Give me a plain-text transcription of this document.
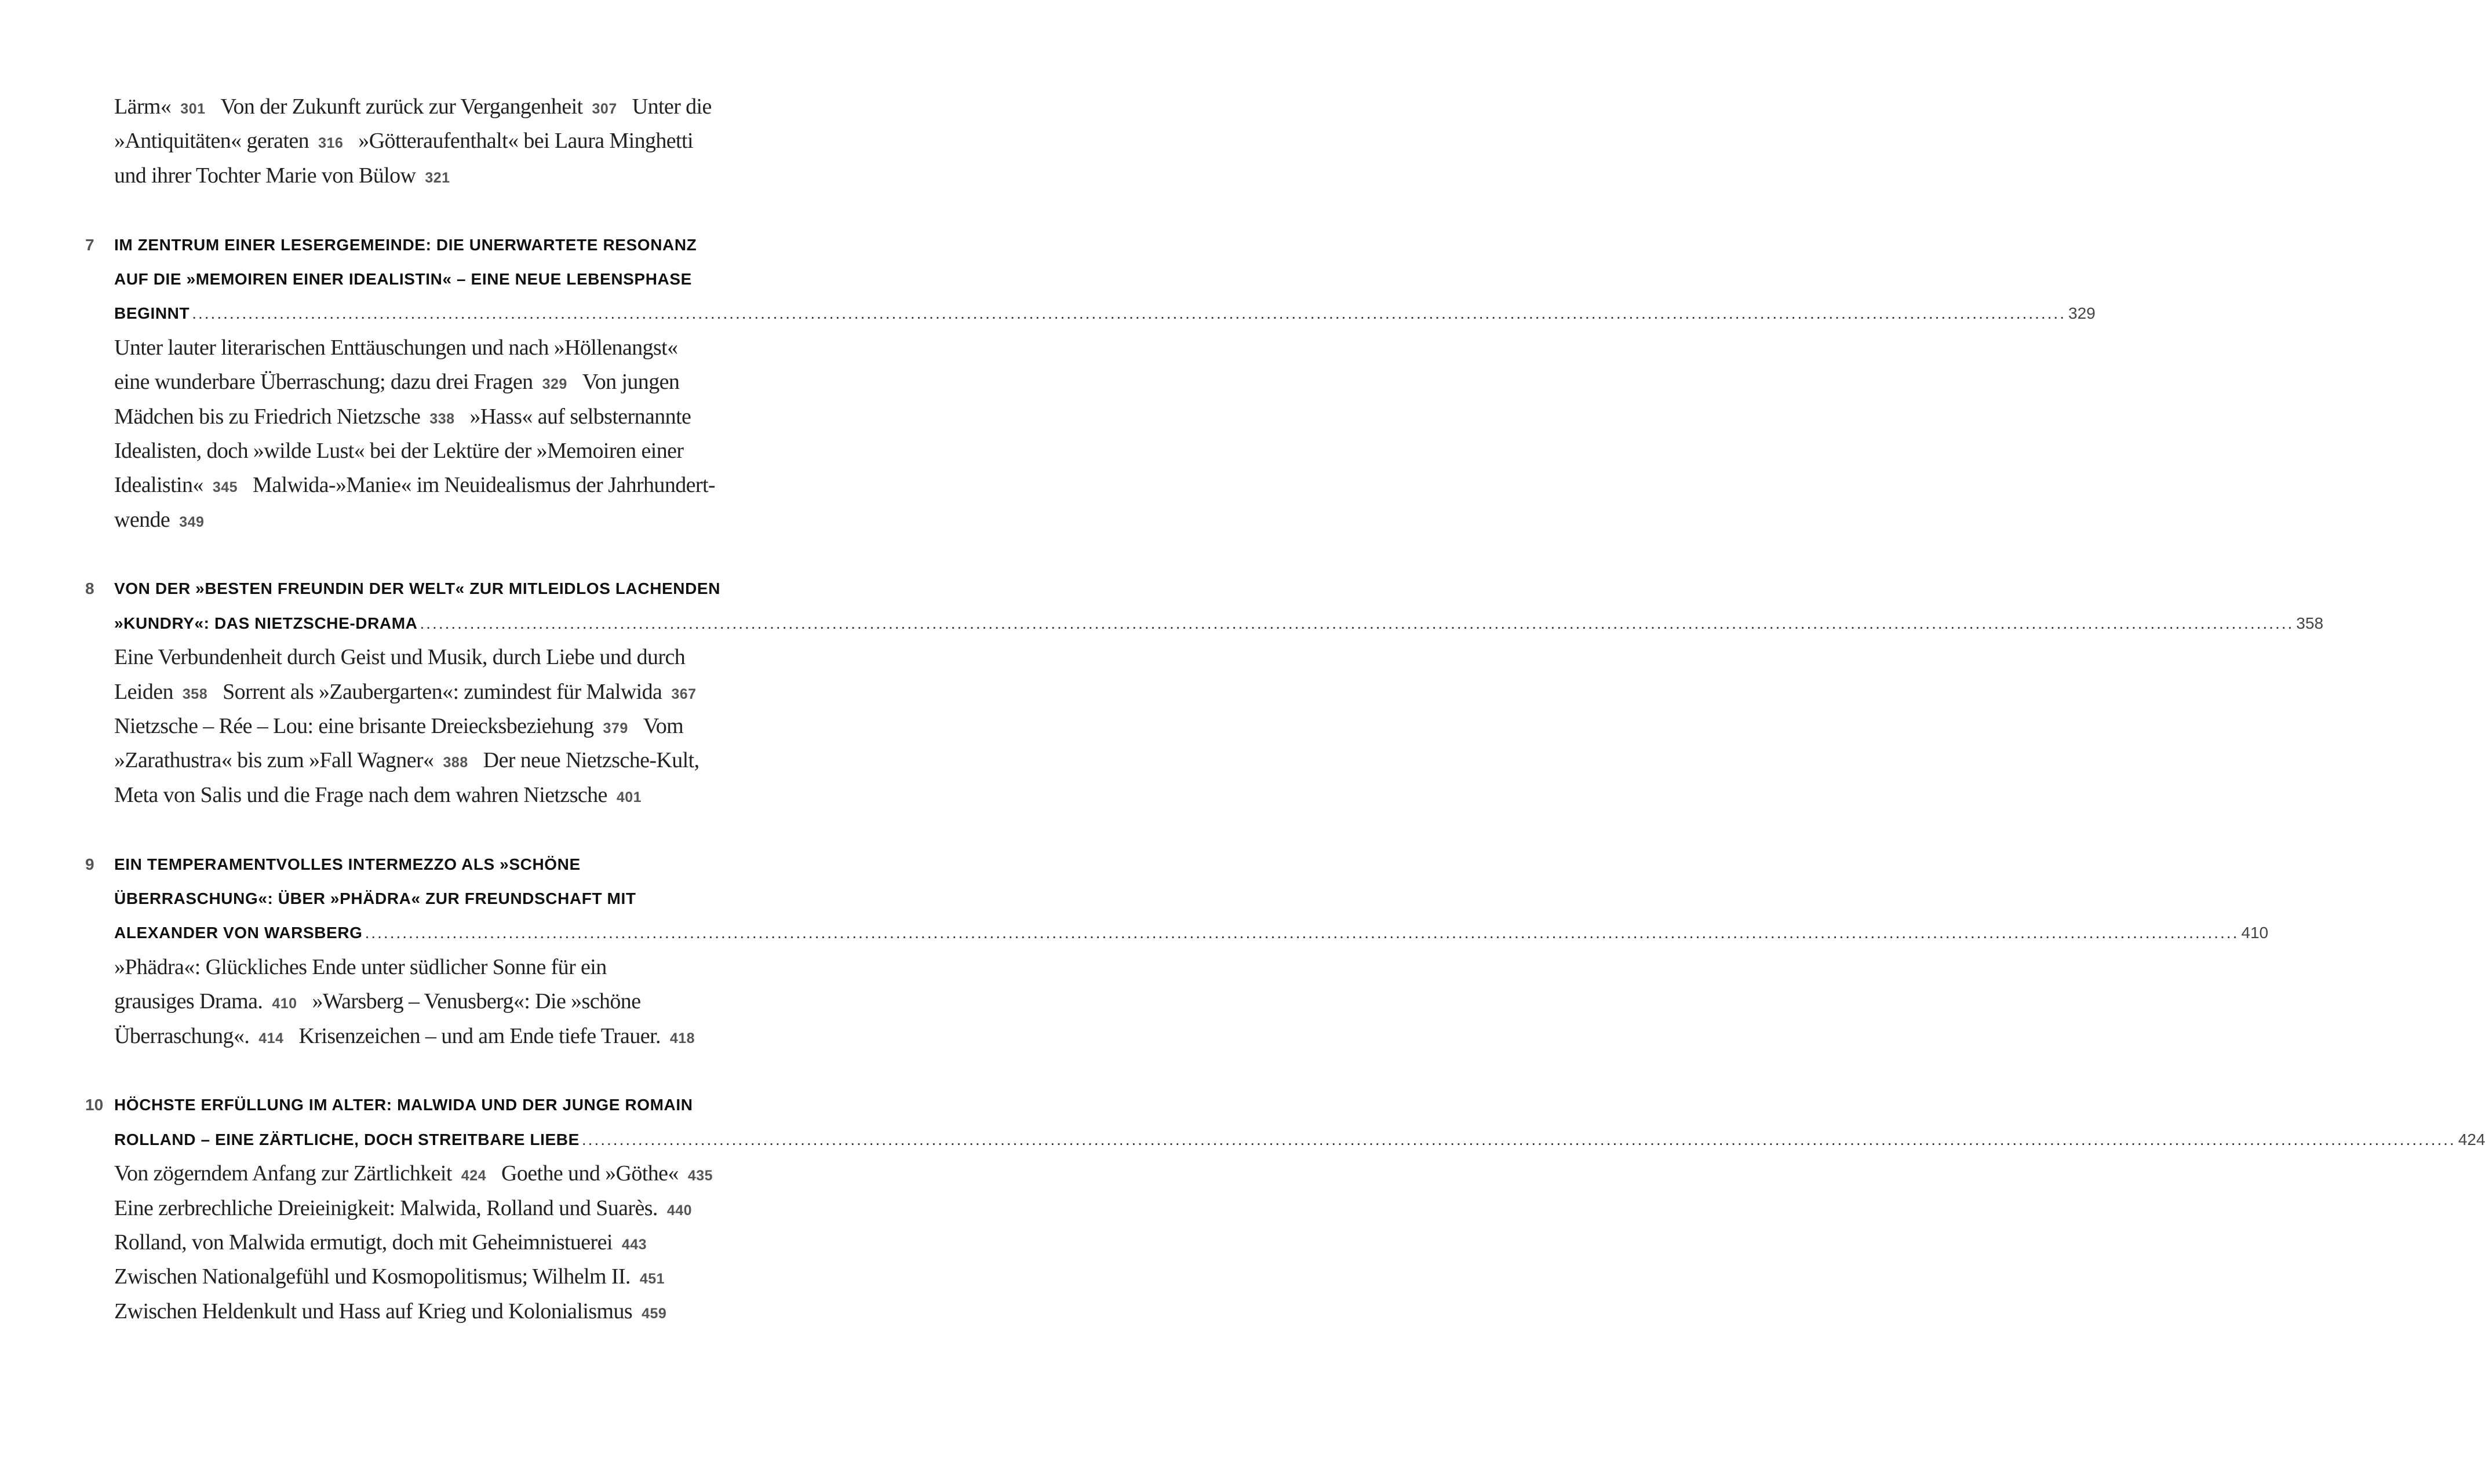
Lärm« 301 Von der Zukunft zurück zur Vergangenheit 307 Unter die
»Antiquitäten« geraten 316 »Götteraufenthalt« bei Laura Minghetti
und ihrer Tochter Marie von Bülow 321
7 IM ZENTRUM EINER LESERGEMEINDE: DIE UNERWARTETE RESONANZ
AUF DIE »MEMOIREN EINER IDEALISTIN« – EINE NEUE LEBENSPHASE
BEGINNT ............................................................................................................................................................................................................................................................................................................ 329
Unter lauter literarischen Enttäuschungen und nach »Höllenangst«
eine wunderbare Überraschung; dazu drei Fragen 329 Von jungen
Mädchen bis zu Friedrich Nietzsche 338 »Hass« auf selbsternannte
Idealisten, doch »wilde Lust« bei der Lektüre der »Memoiren einer
Idealistin« 345 Malwida-»Manie« im Neuidealismus der Jahrhundert-
wende 349
8 VON DER »BESTEN FREUNDIN DER WELT« ZUR MITLEIDLOS LACHENDEN
»KUNDRY«: DAS NIETZSCHE-DRAMA ............................................................................................................................................................................................................................................................................................................ 358
Eine Verbundenheit durch Geist und Musik, durch Liebe und durch
Leiden 358 Sorrent als »Zaubergarten«: zumindest für Malwida 367
Nietzsche – Rée – Lou: eine brisante Dreiecksbeziehung 379 Vom
»Zarathustra« bis zum »Fall Wagner« 388 Der neue Nietzsche-Kult,
Meta von Salis und die Frage nach dem wahren Nietzsche 401
9 EIN TEMPERAMENTVOLLES INTERMEZZO ALS »SCHÖNE
ÜBERRASCHUNG«: ÜBER »PHÄDRA« ZUR FREUNDSCHAFT MIT
ALEXANDER VON WARSBERG ............................................................................................................................................................................................................................................................................................................ 410
»Phädra«: Glückliches Ende unter südlicher Sonne für ein
grausiges Drama. 410 »Warsberg – Venusberg«: Die »schöne
Überraschung«. 414 Krisenzeichen – und am Ende tiefe Trauer. 418
10 HÖCHSTE ERFÜLLUNG IM ALTER: MALWIDA UND DER JUNGE ROMAIN
ROLLAND – EINE ZÄRTLICHE, DOCH STREITBARE LIEBE ............................................................................................................................................................................................................................................................................................................ 424
Von zögerndem Anfang zur Zärtlichkeit 424 Goethe und »Göthe« 435
Eine zerbrechliche Dreieinigkeit: Malwida, Rolland und Suarès. 440
Rolland, von Malwida ermutigt, doch mit Geheimnistuerei 443
Zwischen Nationalgefühl und Kosmopolitismus; Wilhelm II. 451
Zwischen Heldenkult und Hass auf Krieg und Kolonialismus 459
